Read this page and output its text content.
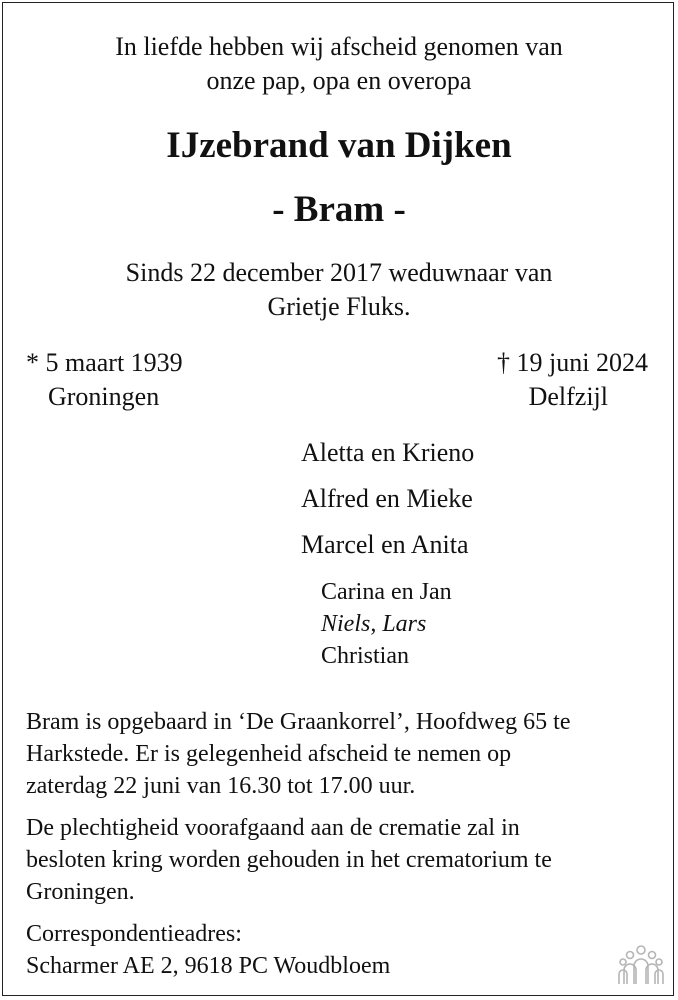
In liefde hebben wij afscheid genomen van
onze pap, opa en overopa
IJzebrand van Dijken
- Bram -
Sinds 22 december 2017 weduwnaar van
Grietje Fluks.
* 5 maart 1939
Groningen
† 19 juni 2024
Delfzijl
Aletta en Krieno
Alfred en Mieke
Marcel en Anita
Carina en Jan
Niels, Lars
Christian
Bram is opgebaard in ‘De Graankorrel’, Hoofdweg 65 te
Harkstede. Er is gelegenheid afscheid te nemen op
zaterdag 22 juni van 16.30 tot 17.00 uur.
De plechtigheid voorafgaand aan de crematie zal in
besloten kring worden gehouden in het crematorium te
Groningen.
Correspondentieadres:
Scharmer AE 2, 9618 PC Woudbloem
